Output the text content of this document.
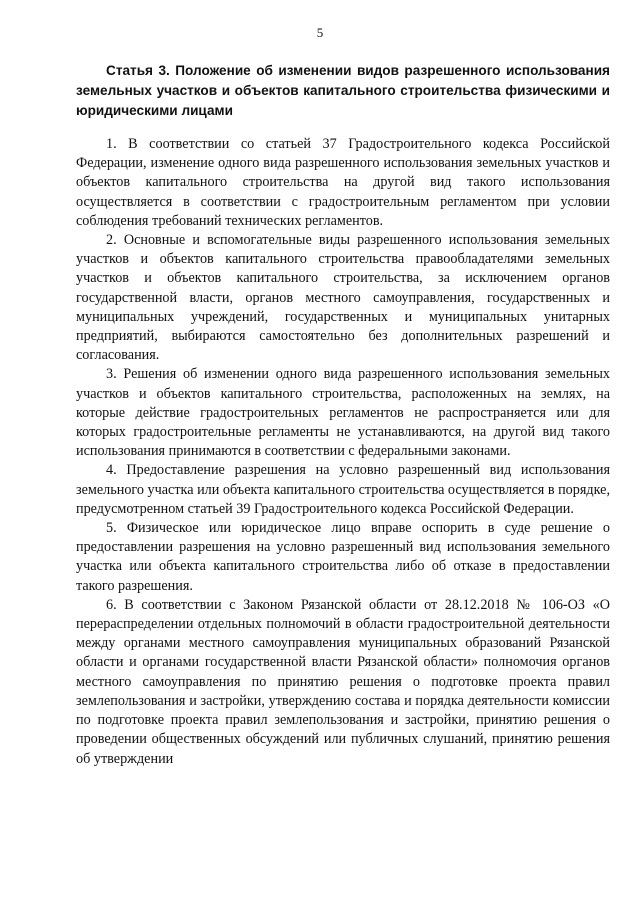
5

Статья 3. Положение об изменении видов разрешенного использования земельных участков и объектов капитального строительства физическими и юридическими лицами

1. В соответствии со статьей 37 Градостроительного кодекса Российской Федерации, изменение одного вида разрешенного использования земельных участков и объектов капитального строительства на другой вид такого использования осуществляется в соответствии с градостроительным регламентом при условии соблюдения требований технических регламентов.

2. Основные и вспомогательные виды разрешенного использования земельных участков и объектов капитального строительства правообладателями земельных участков и объектов капитального строительства, за исключением органов государственной власти, органов местного самоуправления, государственных и муниципальных учреждений, государственных и муниципальных унитарных предприятий, выбираются самостоятельно без дополнительных разрешений и согласования.

3. Решения об изменении одного вида разрешенного использования земельных участков и объектов капитального строительства, расположенных на землях, на которые действие градостроительных регламентов не распространяется или для которых градостроительные регламенты не устанавливаются, на другой вид такого использования принимаются в соответствии с федеральными законами.

4. Предоставление разрешения на условно разрешенный вид использования земельного участка или объекта капитального строительства осуществляется в порядке, предусмотренном статьей 39 Градостроительного кодекса Российской Федерации.

5. Физическое или юридическое лицо вправе оспорить в суде решение о предоставлении разрешения на условно разрешенный вид использования земельного участка или объекта капитального строительства либо об отказе в предоставлении такого разрешения.

6. В соответствии с Законом Рязанской области от 28.12.2018 № 106-ОЗ «О перераспределении отдельных полномочий в области градостроительной деятельности между органами местного самоуправления муниципальных образований Рязанской области и органами государственной власти Рязанской области» полномочия органов местного самоуправления по принятию решения о подготовке проекта правил землепользования и застройки, утверждению состава и порядка деятельности комиссии по подготовке проекта правил землепользования и застройки, принятию решения о проведении общественных обсуждений или публичных слушаний, принятию решения об утверждении
